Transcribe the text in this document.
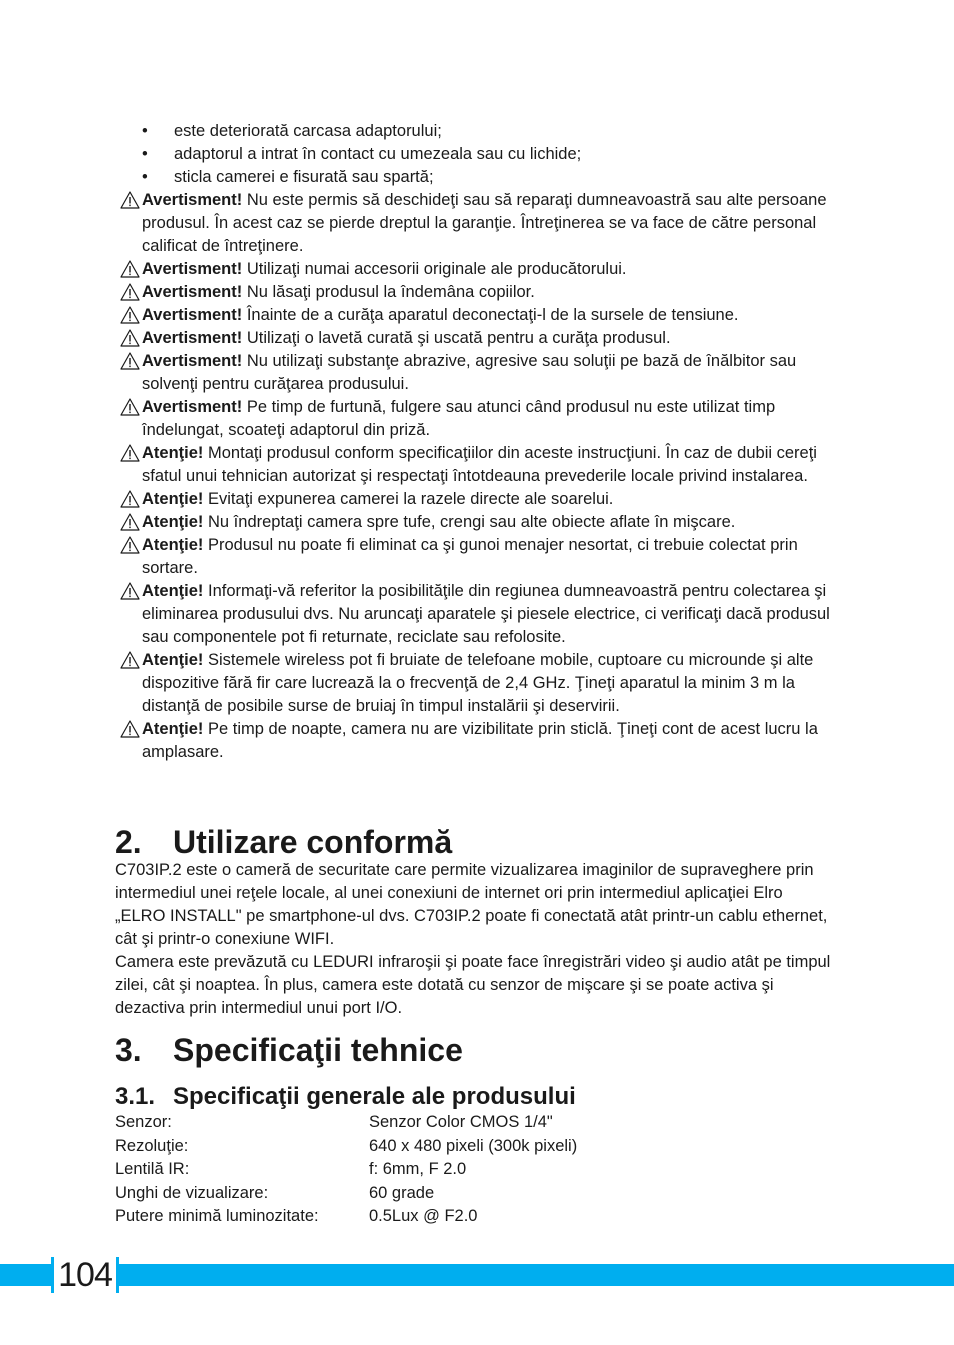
• este deteriorată carcasa adaptorului;
• adaptorul a intrat în contact cu umezeala sau cu lichide;
• sticla camerei e fisurată sau spartă;
Avertisment! Nu este permis să deschideţi sau să reparaţi dumneavoastră sau alte persoane produsul. În acest caz se pierde dreptul la garanţie. Întreţinerea se va face de către personal calificat de întreţinere.
Avertisment! Utilizaţi numai accesorii originale ale producătorului.
Avertisment! Nu lăsaţi produsul la îndemâna copiilor.
Avertisment! Înainte de a curăţa aparatul deconectaţi-l de la sursele de tensiune.
Avertisment! Utilizaţi o lavetă curată şi uscată pentru a curăţa produsul.
Avertisment! Nu utilizaţi substanţe abrazive, agresive sau soluţii pe bază de înălbitor sau solvenţi pentru curăţarea produsului.
Avertisment! Pe timp de furtună, fulgere sau atunci când produsul nu este utilizat timp îndelungat, scoateţi adaptorul din priză.
Atenţie! Montaţi produsul conform specificaţiilor din aceste instrucţiuni. În caz de dubii cereţi sfatul unui tehnician autorizat şi respectaţi întotdeauna prevederile locale privind instalarea.
Atenţie! Evitaţi expunerea camerei la razele directe ale soarelui.
Atenţie! Nu îndreptaţi camera spre tufe, crengi sau alte obiecte aflate în mişcare.
Atenţie! Produsul nu poate fi eliminat ca şi gunoi menajer nesortat, ci trebuie colectat prin sortare.
Atenţie! Informaţi-vă referitor la posibilităţile din regiunea dumneavoastră pentru colectarea şi eliminarea produsului dvs. Nu aruncaţi aparatele şi piesele electrice, ci verificaţi dacă produsul sau componentele pot fi returnate, reciclate sau refolosite.
Atenţie! Sistemele wireless pot fi bruiate de telefoane mobile, cuptoare cu microunde şi alte dispozitive fără fir care lucrează la o frecvenţă de 2,4 GHz. Ţineţi aparatul la minim 3 m la distanţă de posibile surse de bruiaj în timpul instalării şi deservirii.
Atenţie! Pe timp de noapte, camera nu are vizibilitate prin sticlă. Ţineţi cont de acest lucru la amplasare.
2. Utilizare conformă

C703IP.2 este o cameră de securitate care permite vizualizarea imaginilor de supraveghere prin intermediul unei reţele locale, al unei conexiuni de internet ori prin intermediul aplicaţiei Elro „ELRO INSTALL" pe smartphone-ul dvs. C703IP.2 poate fi conectată atât printr-un cablu ethernet, cât şi printr-o conexiune WIFI.

Camera este prevăzută cu LEDURI infraroşii şi poate face înregistrări video şi audio atât pe timpul zilei, cât şi noaptea. În plus, camera este dotată cu senzor de mişcare şi se poate activa şi dezactiva prin intermediul unui port I/O.

3. Specificaţii tehnice
3.1. Specificaţii generale ale produsului
Senzor:	Senzor Color CMOS 1/4"
Rezoluţie:	640 x 480 pixeli (300k pixeli)
Lentilă IR:	f: 6mm, F 2.0
Unghi de vizualizare:	60 grade
Putere minimă luminozitate:	0.5Lux @ F2.0
104
